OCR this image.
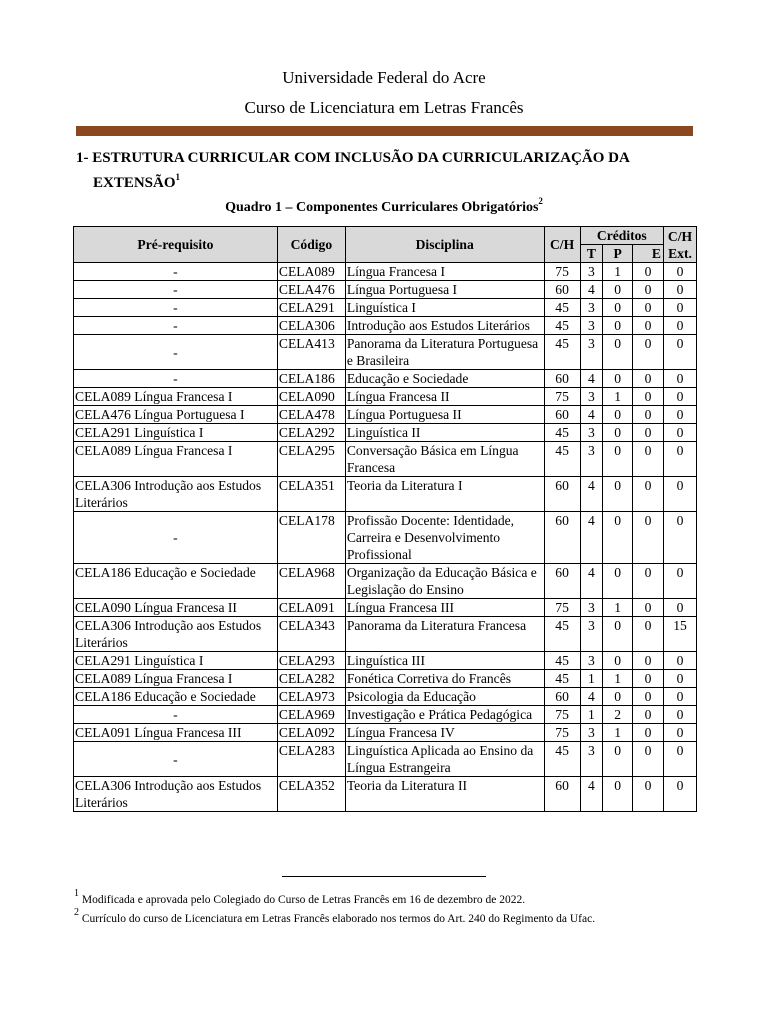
Universidade Federal do Acre
Curso de Licenciatura em Letras Francês
1- ESTRUTURA CURRICULAR COM INCLUSÃO DA CURRICULARIZAÇÃO DA
EXTENSÃO$^1$
Quadro 1 – Componentes Curriculares Obrigatórios$^2$
Pré-requisito	Código	Disciplina	C/H	Créditos			C/H Ext.
				T	P	E	
-	CELA089	Língua Francesa I	75	3	1	0	0
-	CELA476	Língua Portuguesa I	60	4	0	0	0
-	CELA291	Linguística I	45	3	0	0	0
-	CELA306	Introdução aos Estudos Literários	45	3	0	0	0
-	CELA413	Panorama da Literatura Portuguesa e Brasileira	45	3	0	0	0
-	CELA186	Educação e Sociedade	60	4	0	0	0
CELA089 Língua Francesa I	CELA090	Língua Francesa II	75	3	1	0	0
CELA476 Língua Portuguesa I	CELA478	Língua Portuguesa II	60	4	0	0	0
CELA291 Linguística I	CELA292	Linguística II	45	3	0	0	0
CELA089 Língua Francesa I	CELA295	Conversação Básica em Língua Francesa	45	3	0	0	0
CELA306 Introdução aos Estudos Literários	CELA351	Teoria da Literatura I	60	4	0	0	0
-	CELA178	Profissão Docente: Identidade, Carreira e Desenvolvimento Profissional	60	4	0	0	0
CELA186 Educação e Sociedade	CELA968	Organização da Educação Básica e Legislação do Ensino	60	4	0	0	0
CELA090 Língua Francesa II	CELA091	Língua Francesa III	75	3	1	0	0
CELA306 Introdução aos Estudos Literários	CELA343	Panorama da Literatura Francesa	45	3	0	0	15
CELA291 Linguística I	CELA293	Linguística III	45	3	0	0	0
CELA089 Língua Francesa I	CELA282	Fonética Corretiva do Francês	45	1	1	0	0
CELA186 Educação e Sociedade	CELA973	Psicologia da Educação	60	4	0	0	0
-	CELA969	Investigação e Prática Pedagógica	75	1	2	0	0
CELA091 Língua Francesa III	CELA092	Língua Francesa IV	75	3	1	0	0
-	CELA283	Linguística Aplicada ao Ensino da Língua Estrangeira	45	3	0	0	0
CELA306 Introdução aos Estudos Literários	CELA352	Teoria da Literatura II	60	4	0	0	0
$^1$ Modificada e aprovada pelo Colegiado do Curso de Letras Francês em 16 de dezembro de 2022.
$^2$ Currículo do curso de Licenciatura em Letras Francês elaborado nos termos do Art. 240 do Regimento da Ufac.
